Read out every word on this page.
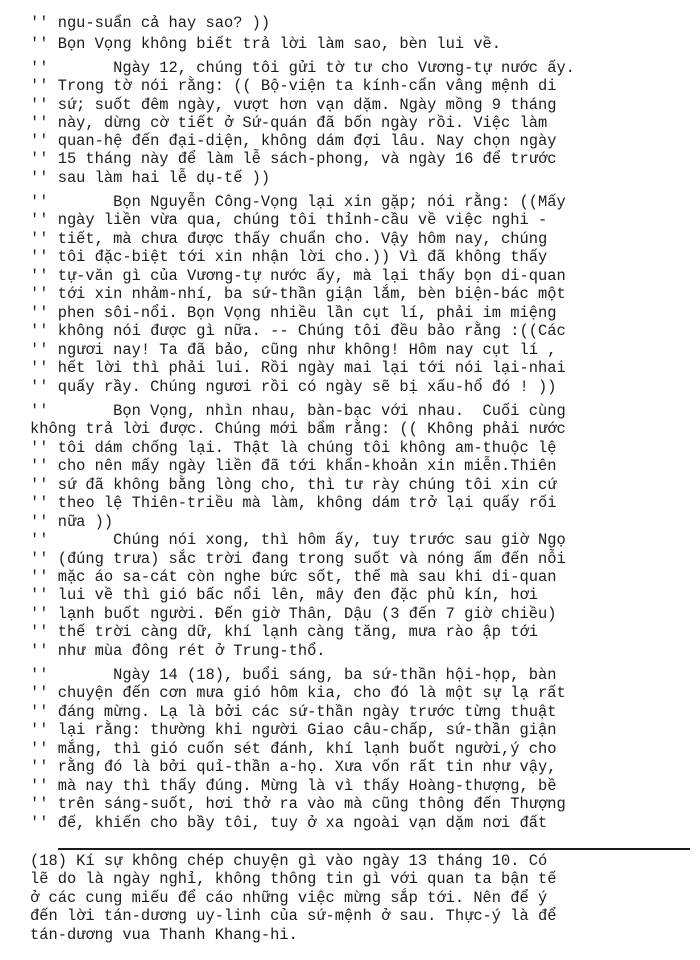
'' ngu-suẩn cả hay sao? ))
'' Bọn Vọng không biết trả lời làm sao, bèn lui về.
''       Ngày 12, chúng tôi gửi tờ tư cho Vương-tự nước ấy.
'' Trong tờ nói rằng: (( Bộ-viện ta kính-cẩn vâng mệnh di
'' sứ; suốt đêm ngày, vượt hơn vạn dặm. Ngày mồng 9 tháng
'' này, dừng cờ tiết ở Sứ-quán đã bốn ngày rồi. Việc làm
'' quan-hệ đến đại-diện, không dám đợi lâu. Nay chọn ngày
'' 15 tháng này để làm lễ sách-phong, và ngày 16 để trước
'' sau làm hai lễ dụ-tế ))
''       Bọn Nguyễn Công-Vọng lại xin gặp; nói rằng: ((Mấy
'' ngày liền vừa qua, chúng tôi thỉnh-cầu về việc nghi -
'' tiết, mà chưa được thấy chuẩn cho. Vậy hôm nay, chúng
'' tôi đặc-biệt tới xin nhận lời cho.)) Vì đã không thấy
'' tự-văn gì của Vương-tự nước ấy, mà lại thấy bọn di-quan
'' tới xin nhảm-nhí, ba sứ-thần giận lắm, bèn biện-bác một
'' phen sôi-nổi. Bọn Vọng nhiều lần cụt lí, phải im miệng
'' không nói được gì nữa. -- Chúng tôi đều bảo rằng :((Các
'' ngươi nay! Ta đã bảo, cũng như không! Hôm nay cụt lí ,
'' hết lời thì phải lui. Rồi ngày mai lại tới nói lại-nhai
'' quấy rầy. Chúng ngươi rồi có ngày sẽ bị xấu-hổ đó ! ))
''       Bọn Vọng, nhìn nhau, bàn-bạc với nhau.  Cuối cùng
không trả lời được. Chúng mới bẩm rằng: (( Không phải nước
'' tôi dám chống lại. Thật là chúng tôi không am-thuộc lệ
'' cho nên mấy ngày liền đã tới khẩn-khoản xin miễn.Thiên
'' sứ đã không bằng lòng cho, thì tư rày chúng tôi xin cứ
'' theo lệ Thiên-triều mà làm, không dám trở lại quấy rối
'' nữa ))
''       Chúng nói xong, thì hôm ấy, tuy trước sau giờ Ngọ
'' (đúng trưa) sắc trời đang trong suốt và nóng ấm đến nỗi
'' mặc áo sa-cát còn nghe bức sốt, thế mà sau khi di-quan
'' lui về thì gió bấc nổi lên, mây đen đặc phủ kín, hơi
'' lạnh buốt người. Đến giờ Thân, Dậu (3 đến 7 giờ chiều)
'' thế trời càng dữ, khí lạnh càng tăng, mưa rào ập tới
'' như mùa đông rét ở Trung-thổ.
''       Ngày 14 (18), buổi sáng, ba sứ-thần hội-họp, bàn
'' chuyện đến cơn mưa gió hôm kia, cho đó là một sự lạ rất
'' đáng mừng. Lạ là bởi các sứ-thần ngày trước từng thuật
'' lại rằng: thường khi người Giao câu-chấp, sứ-thần giận
'' mắng, thì gió cuốn sét đánh, khí lạnh buốt người,ý cho
'' rằng đó là bởi quỉ-thần a-họ. Xưa vốn rất tin như vậy,
'' mà nay thì thấy đúng. Mừng là vì thấy Hoàng-thượng, bề
'' trên sáng-suốt, hơi thở ra vào mà cũng thông đến Thượng
'' đế, khiến cho bầy tôi, tuy ở xa ngoài vạn dặm nơi đất
(18) Kí sự không chép chuyện gì vào ngày 13 tháng 10. Có
lẽ do là ngày nghỉ, không thông tin gì với quan ta bận tế
ở các cung miếu để cáo những việc mừng sắp tới. Nên để ý
đến lời tán-dương uy-linh của sứ-mệnh ở sau. Thực-ý là để
tán-dương vua Thanh Khang-hi.
